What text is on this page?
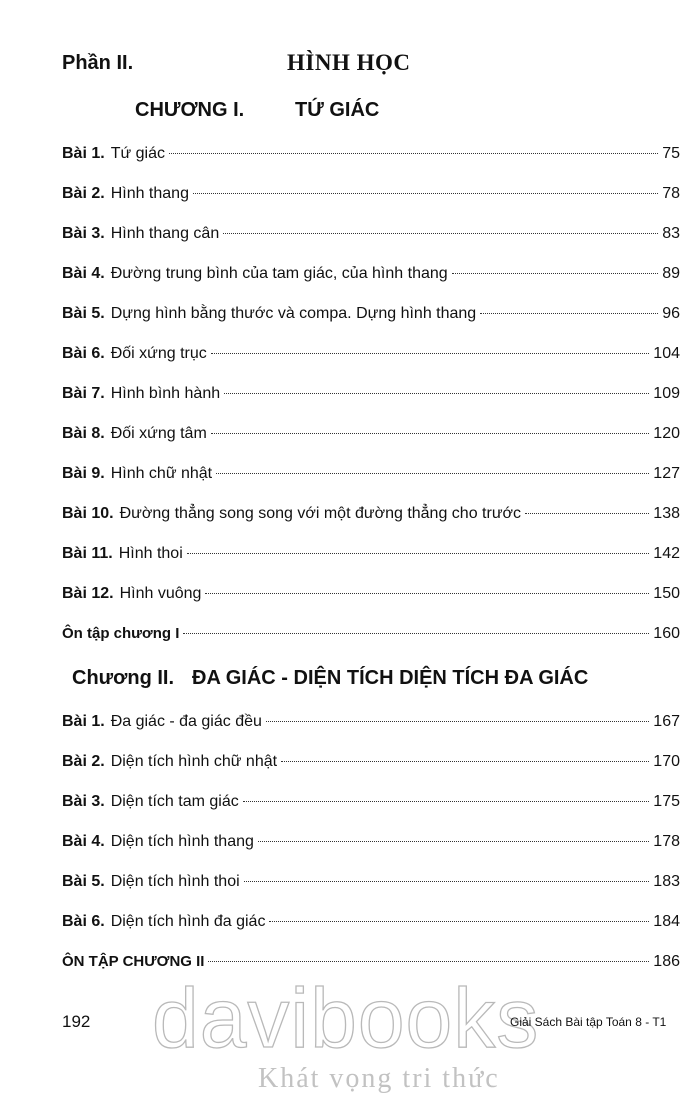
Phần II.	HÌNH HỌC
CHƯƠNG I.	TỨ GIÁC
Bài 1. Tứ giác	75
Bài 2. Hình thang	78
Bài 3. Hình thang cân	83
Bài 4. Đường trung bình của tam giác, của hình thang	89
Bài 5. Dựng hình bằng thước và compa. Dựng hình thang	96
Bài 6. Đối xứng trục	104
Bài 7. Hình bình hành	109
Bài 8. Đối xứng tâm	120
Bài 9. Hình chữ nhật	127
Bài 10. Đường thẳng song song với một đường thẳng cho trước	138
Bài 11. Hình thoi	142
Bài 12. Hình vuông	150
Ôn tập chương I	160
Chương II. ĐA GIÁC - DIỆN TÍCH DIỆN TÍCH ĐA GIÁC
Bài 1. Đa giác - đa giác đều	167
Bài 2. Diện tích hình chữ nhật	170
Bài 3. Diện tích tam giác	175
Bài 4. Diện tích hình thang	178
Bài 5. Diện tích hình thoi	183
Bài 6. Diện tích hình đa giác	184
ÔN TẬP CHƯƠNG II	186
davibooks
Khát vọng tri thức
192	Giải Sách Bài tập Toán 8 - T1
